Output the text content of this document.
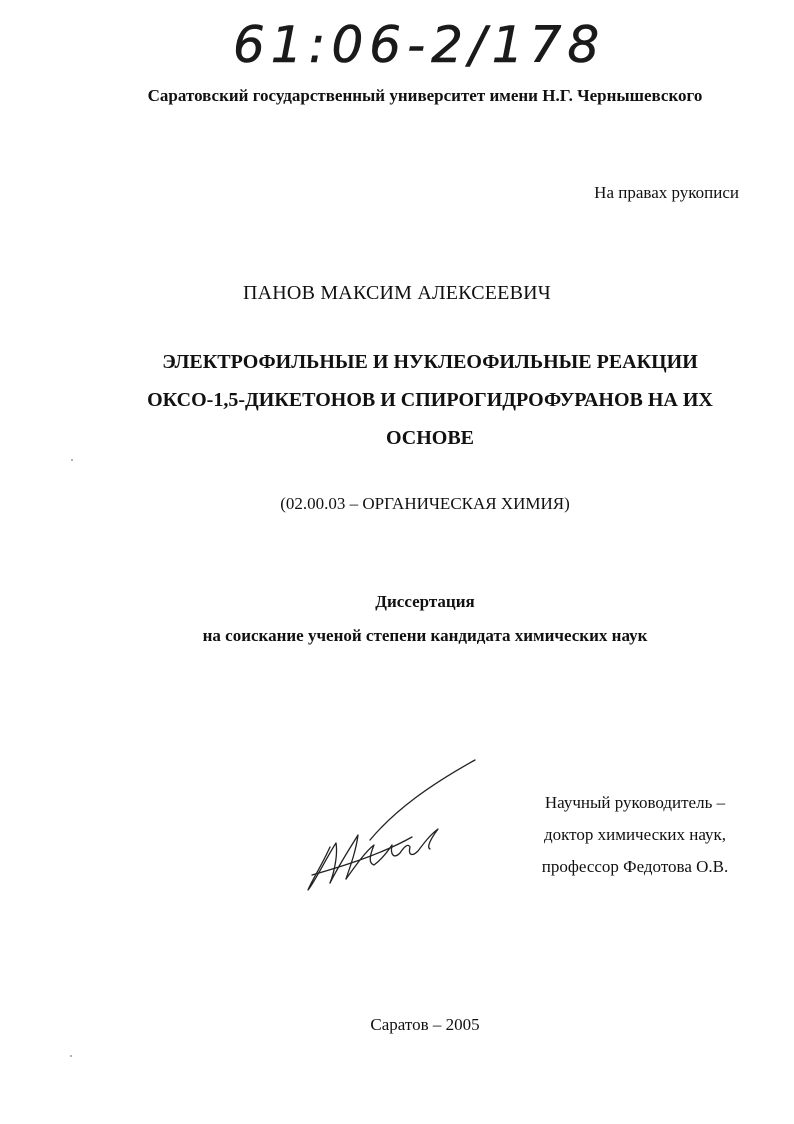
61:06-2/178
Саратовский государственный университет имени Н.Г. Чернышевского
На правах рукописи
ПАНОВ МАКСИМ АЛЕКСЕЕВИЧ
ЭЛЕКТРОФИЛЬНЫЕ И НУКЛЕОФИЛЬНЫЕ РЕАКЦИИ
ОКСО-1,5-ДИКЕТОНОВ И СПИРОГИДРОФУРАНОВ НА ИХ
ОСНОВЕ
(02.00.03 – ОРГАНИЧЕСКАЯ ХИМИЯ)
Диссертация
на соискание ученой степени кандидата химических наук
Научный руководитель –
доктор химических наук,
профессор Федотова О.В.
Саратов – 2005
